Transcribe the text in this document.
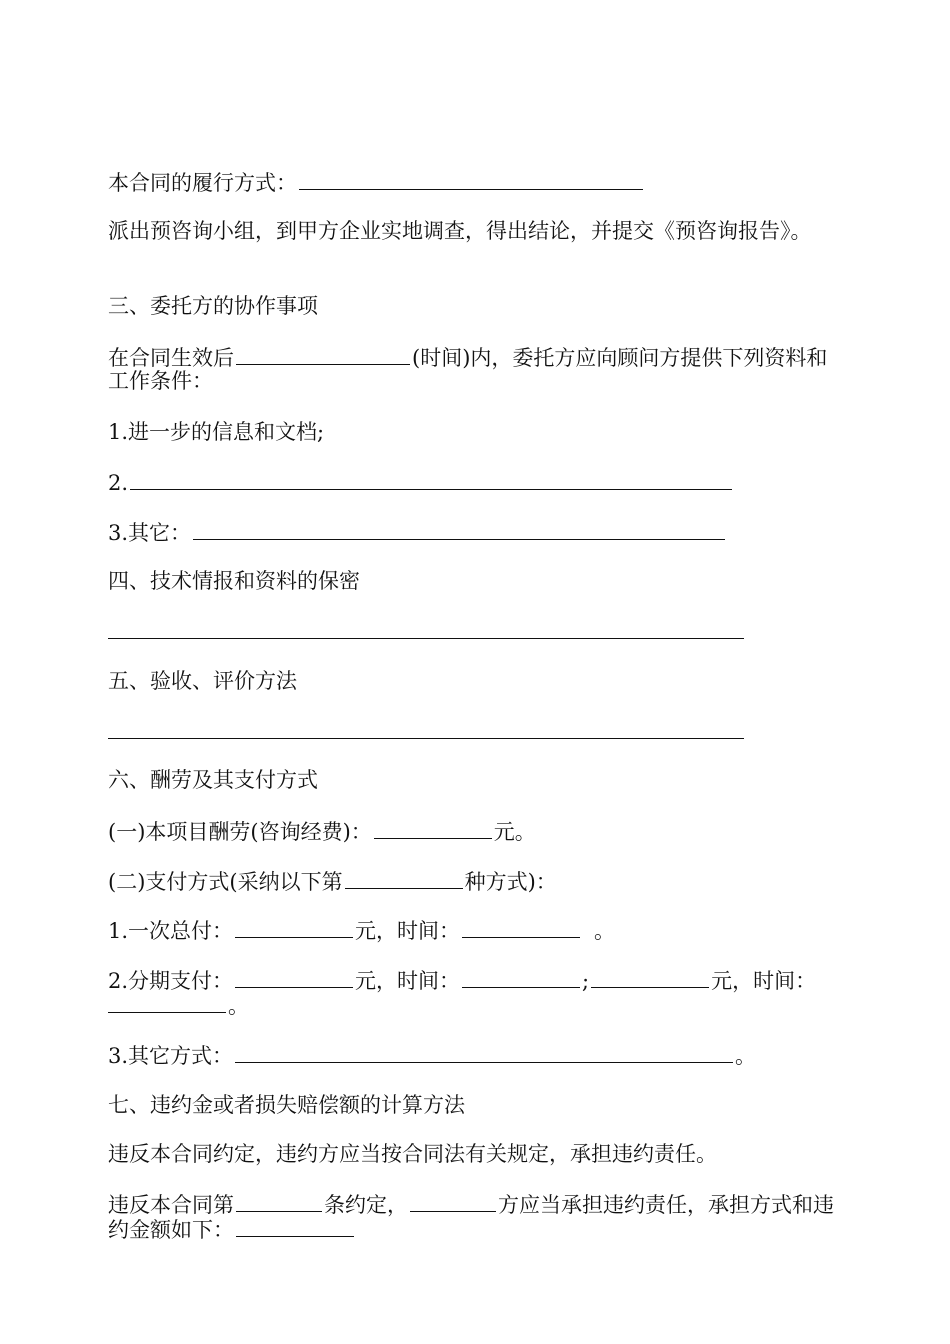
本合同的履行方式：
派出预咨询小组，到甲方企业实地调查，得出结论，并提交《预咨询报告》。
三、委托方的协作事项
在合同生效后	(时间)内，委托方应向顾问方提供下列资料和工作条件：
1.进一步的信息和文档;
2.
3.其它：
四、技术情报和资料的保密
五、验收、评价方法
六、酬劳及其支付方式
(一)本项目酬劳(咨询经费)：	元。
(二)支付方式(采纳以下第	种方式)：
1.一次总付：	元，时间：	。
2.分期支付：	元，时间：	;	元，时间：
。
3.其它方式：	。
七、违约金或者损失赔偿额的计算方法
违反本合同约定，违约方应当按合同法有关规定，承担违约责任。
违反本合同第	条约定，	方应当承担违约责任，承担方式和违约金额如下：
